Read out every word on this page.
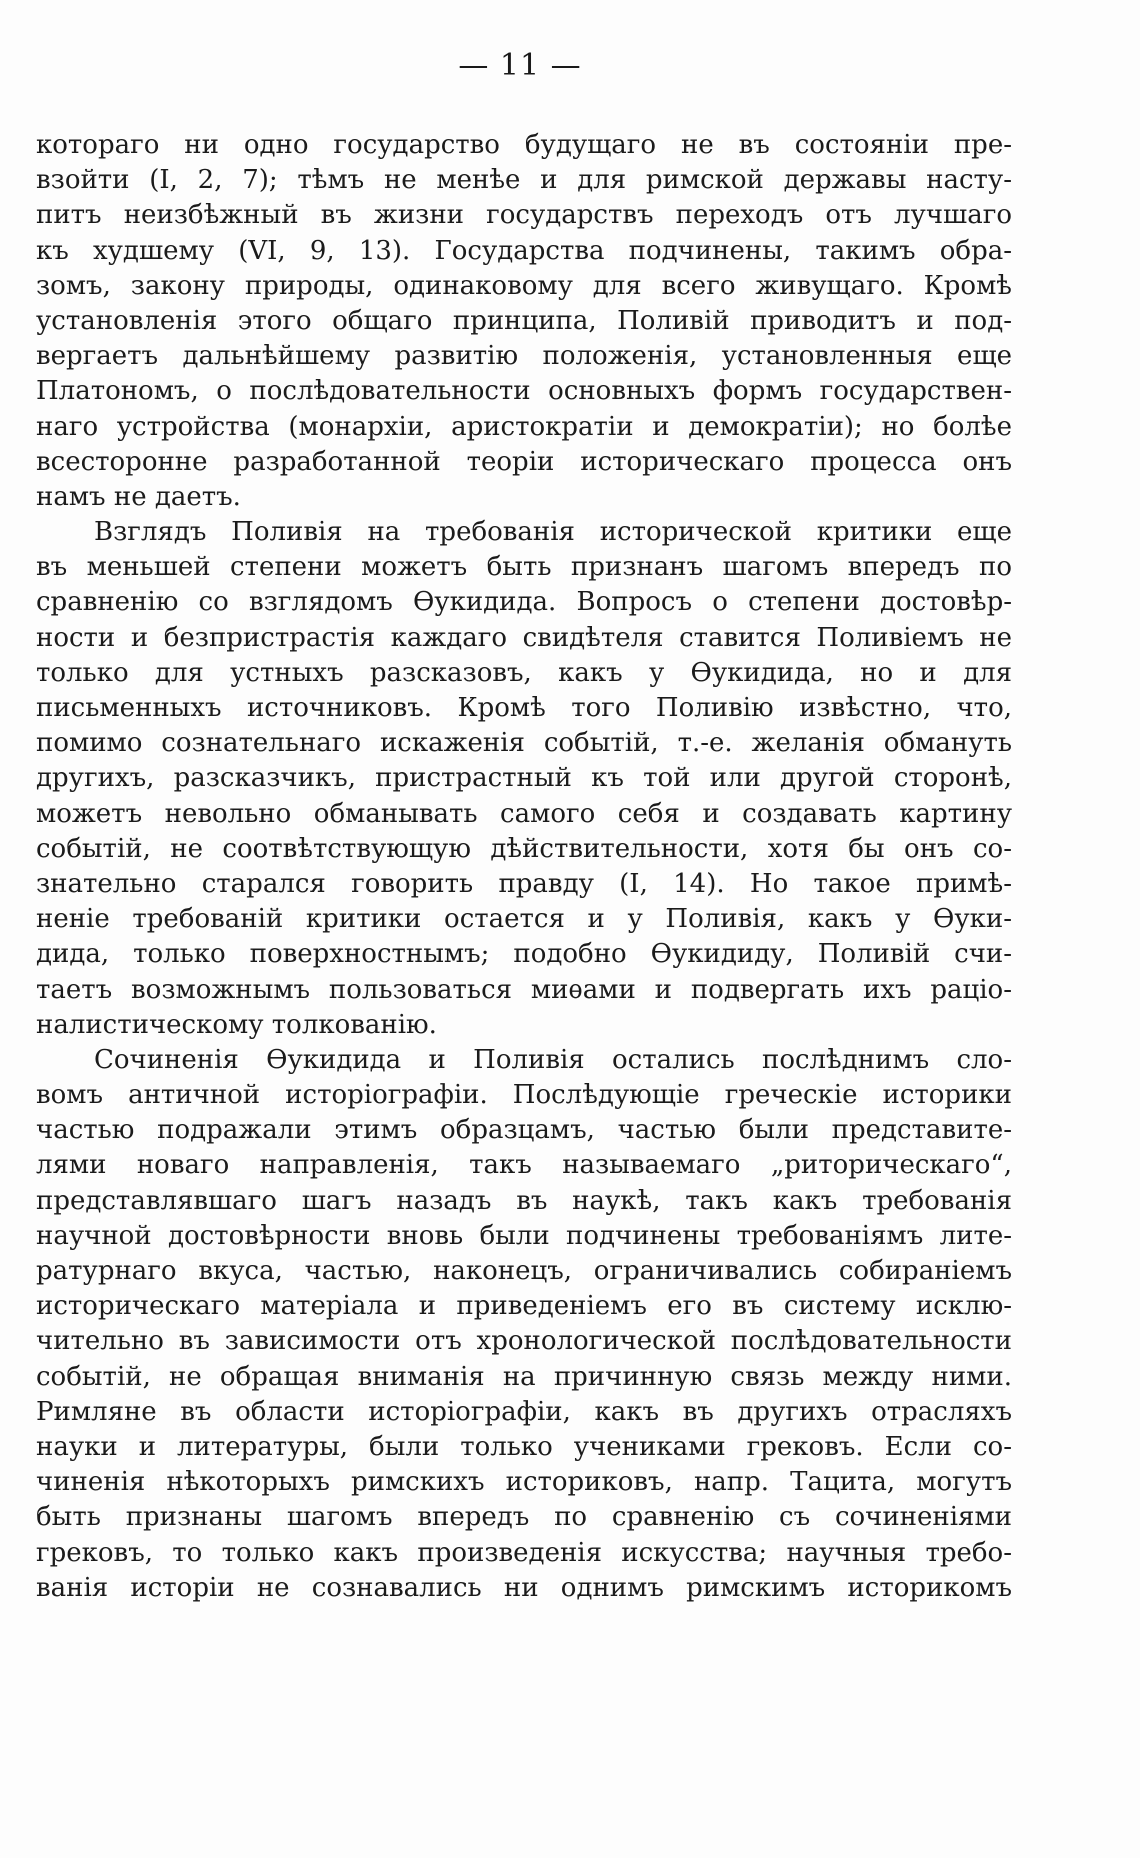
— 11 —
котораго ни одно государство будущаго не въ состояніи пре-
взойти (I, 2, 7); тѣмъ не менѣе и для римской державы насту-
питъ неизбѣжный въ жизни государствъ переходъ отъ лучшаго
къ худшему (VI, 9, 13). Государства подчинены, такимъ обра-
зомъ, закону природы, одинаковому для всего живущаго. Кромѣ
установленія этого общаго принципа, Поливій приводитъ и под-
вергаетъ дальнѣйшему развитію положенія, установленныя еще
Платономъ, о послѣдовательности основныхъ формъ государствен-
наго устройства (монархіи, аристократіи и демократіи); но болѣе
всесторонне разработанной теоріи историческаго процесса онъ
намъ не даетъ.
Взглядъ Поливія на требованія исторической критики еще
въ меньшей степени можетъ быть признанъ шагомъ впередъ по
сравненію со взглядомъ Ѳукидида. Вопросъ о степени достовѣр-
ности и безпристрастія каждаго свидѣтеля ставится Поливіемъ не
только для устныхъ разсказовъ, какъ у Ѳукидида, но и для
письменныхъ источниковъ. Кромѣ того Поливію извѣстно, что,
помимо сознательнаго искаженія событій, т.-е. желанія обмануть
другихъ, разсказчикъ, пристрастный къ той или другой сторонѣ,
можетъ невольно обманывать самого себя и создавать картину
событій, не соотвѣтствующую дѣйствительности, хотя бы онъ со-
знательно старался говорить правду (I, 14). Но такое примѣ-
неніе требованій критики остается и у Поливія, какъ у Ѳуки-
дида, только поверхностнымъ; подобно Ѳукидиду, Поливій счи-
таетъ возможнымъ пользоваться миѳами и подвергать ихъ раціо-
налистическому толкованію.
Сочиненія Ѳукидида и Поливія остались послѣднимъ сло-
вомъ античной исторіографіи. Послѣдующіе греческіе историки
частью подражали этимъ образцамъ, частью были представите-
лями новаго направленія, такъ называемаго „риторическаго“,
представлявшаго шагъ назадъ въ наукѣ, такъ какъ требованія
научной достовѣрности вновь были подчинены требованіямъ лите-
ратурнаго вкуса, частью, наконецъ, ограничивались собираніемъ
историческаго матеріала и приведеніемъ его въ систему исклю-
чительно въ зависимости отъ хронологической послѣдовательности
событій, не обращая вниманія на причинную связь между ними.
Римляне въ области исторіографіи, какъ въ другихъ отрасляхъ
науки и литературы, были только учениками грековъ. Если со-
чиненія нѣкоторыхъ римскихъ историковъ, напр. Тацита, могутъ
быть признаны шагомъ впередъ по сравненію съ сочиненіями
грековъ, то только какъ произведенія искусства; научныя требо-
ванія исторіи не сознавались ни однимъ римскимъ историкомъ
